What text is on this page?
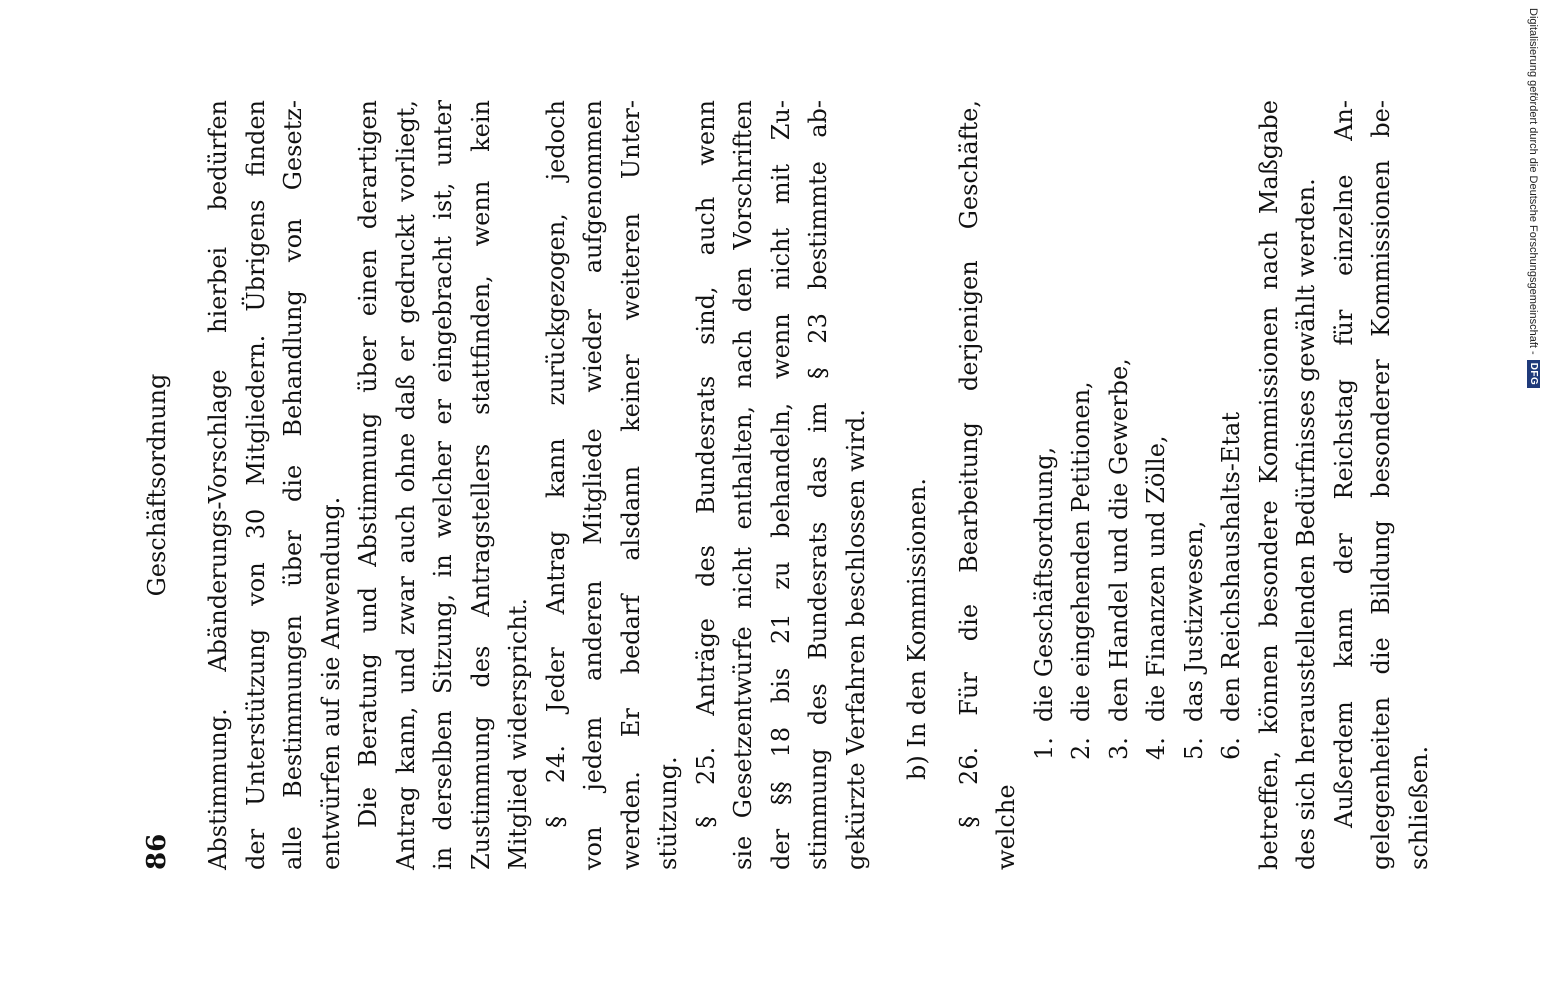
86
Geschäftsordnung Abstimmung. Abänderungs-Vorschlage hierbei bedürfen der Unterstützung von 30 Mitgliedern. Übrigens finden alle Bestimmungen über die Behandlung von Gesetz- entwürfen auf sie Anwendung. Die Beratung und Abstimmung über einen derartigen Antrag kann, und zwar auch ohne daß er gedruckt vorliegt, in derselben Sitzung, in welcher er eingebracht ist, unter Zustimmung des Antragstellers stattfinden, wenn kein Mitglied widerspricht. § 24. Jeder Antrag kann zurückgezogen, jedoch von jedem anderen Mitgliede wieder aufgenommen werden. Er bedarf alsdann keiner weiteren Unter- stützung. § 25. Anträge des Bundesrats sind, auch wenn sie Gesetzentwürfe nicht enthalten, nach den Vorschriften der §§ 18 bis 21 zu behandeln, wenn nicht mit Zu- stimmung des Bundesrats das im § 23 bestimmte ab- gekürzte Verfahren beschlossen wird. b) In den Kommissionen. § 26. Für die Bearbeitung derjenigen Geschäfte, welche
1.die Geschäftsordnung,
2.die eingehenden Petitionen,
3.den Handel und die Gewerbe,
4.die Finanzen und Zölle,
5.das Justizwesen,
6.den Reichshaushalts-Etat betreffen, können besondere Kommissionen nach Maßgabe des sich herausstellenden Bedürfnisses gewählt werden. Außerdem kann der Reichstag für einzelne An- gelegenheiten die Bildung besonderer Kommissionen be- schließen.
Digitalisierung gefördert durch die Deutsche Forschungsgemeinschaft -
DFG
